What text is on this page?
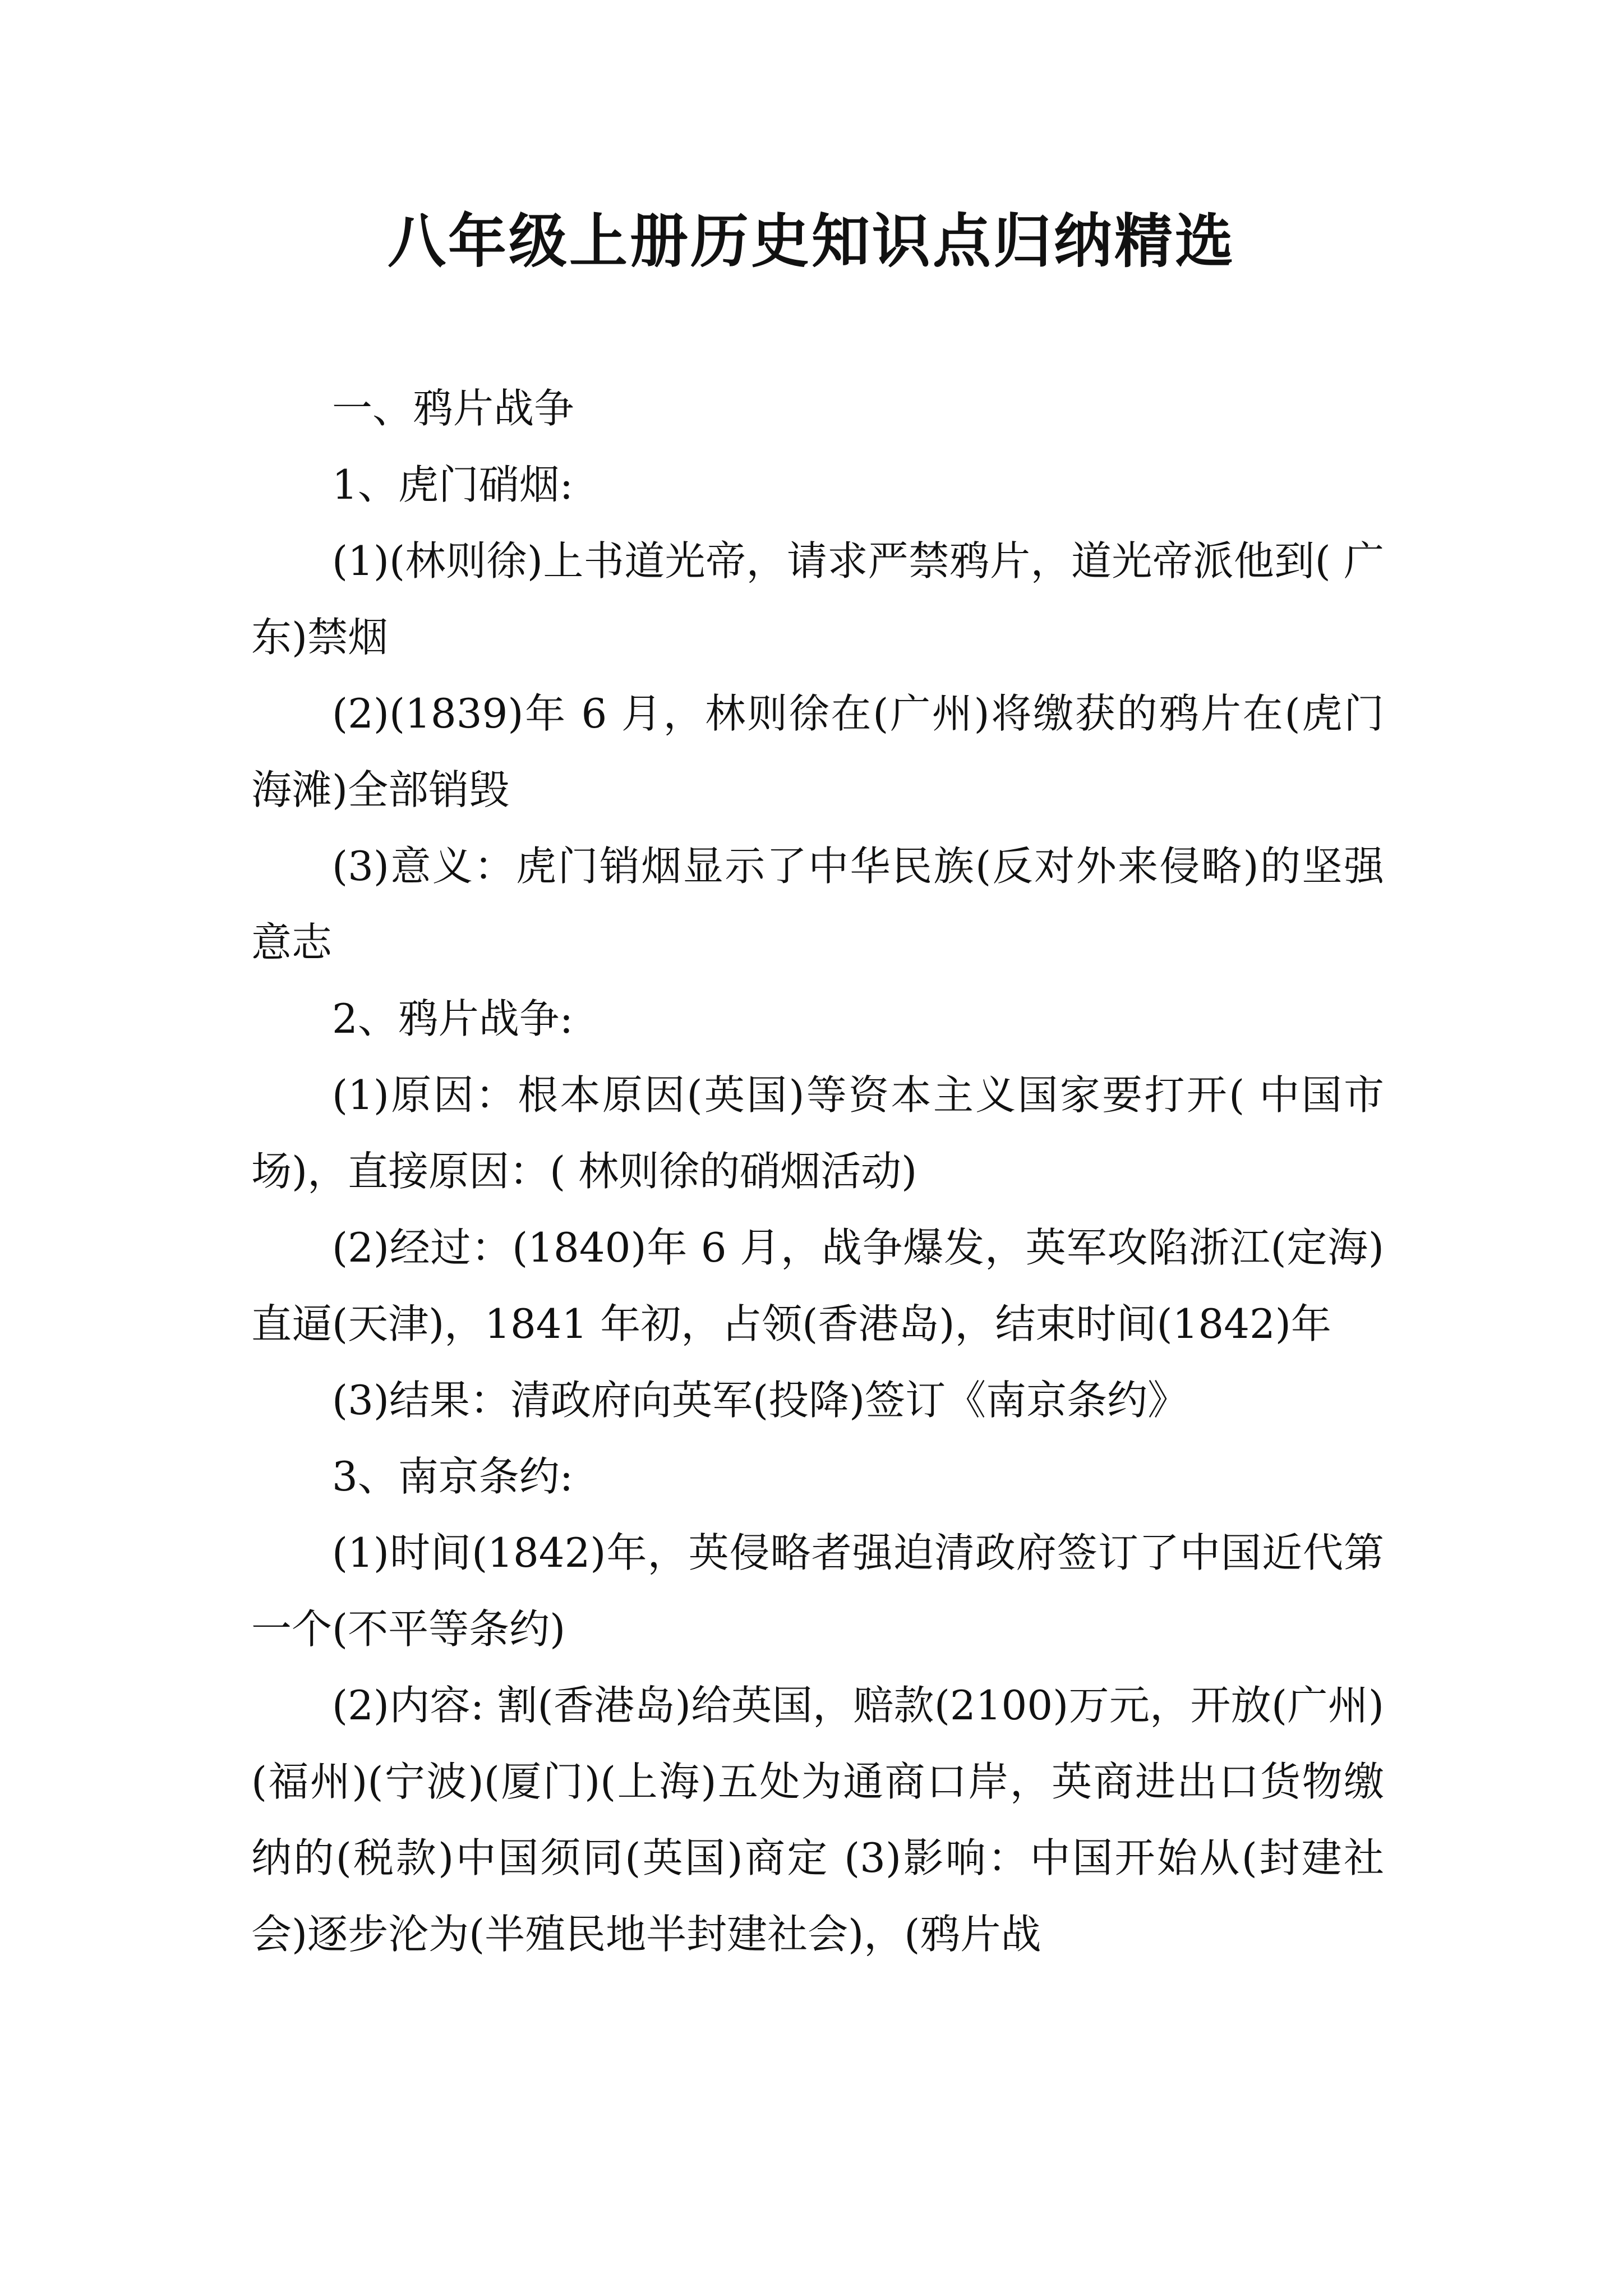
八年级上册历史知识点归纳精选

一、鸦片战争

1、虎门硝烟:

(1)(林则徐)上书道光帝，请求严禁鸦片，道光帝派他到( 广东)禁烟

(2)(1839)年 6 月，林则徐在(广州)将缴获的鸦片在(虎门海滩)全部销毁

(3)意义：虎门销烟显示了中华民族(反对外来侵略)的坚强意志

2、鸦片战争:

(1)原因：根本原因(英国)等资本主义国家要打开( 中国市场)，直接原因：( 林则徐的硝烟活动)

(2)经过：(1840)年 6 月，战争爆发，英军攻陷浙江(定海)直逼(天津)，1841 年初，占领(香港岛)，结束时间(1842)年

(3)结果：清政府向英军(投降)签订《南京条约》

3、南京条约:

(1)时间(1842)年，英侵略者强迫清政府签订了中国近代第一个(不平等条约)

(2)内容: 割(香港岛)给英国，赔款(2100)万元，开放(广州)(福州)(宁波)(厦门)(上海)五处为通商口岸，英商进出口货物缴纳的(税款)中国须同(英国)商定 (3)影响：中国开始从(封建社会)逐步沦为(半殖民地半封建社会)，(鸦片战
